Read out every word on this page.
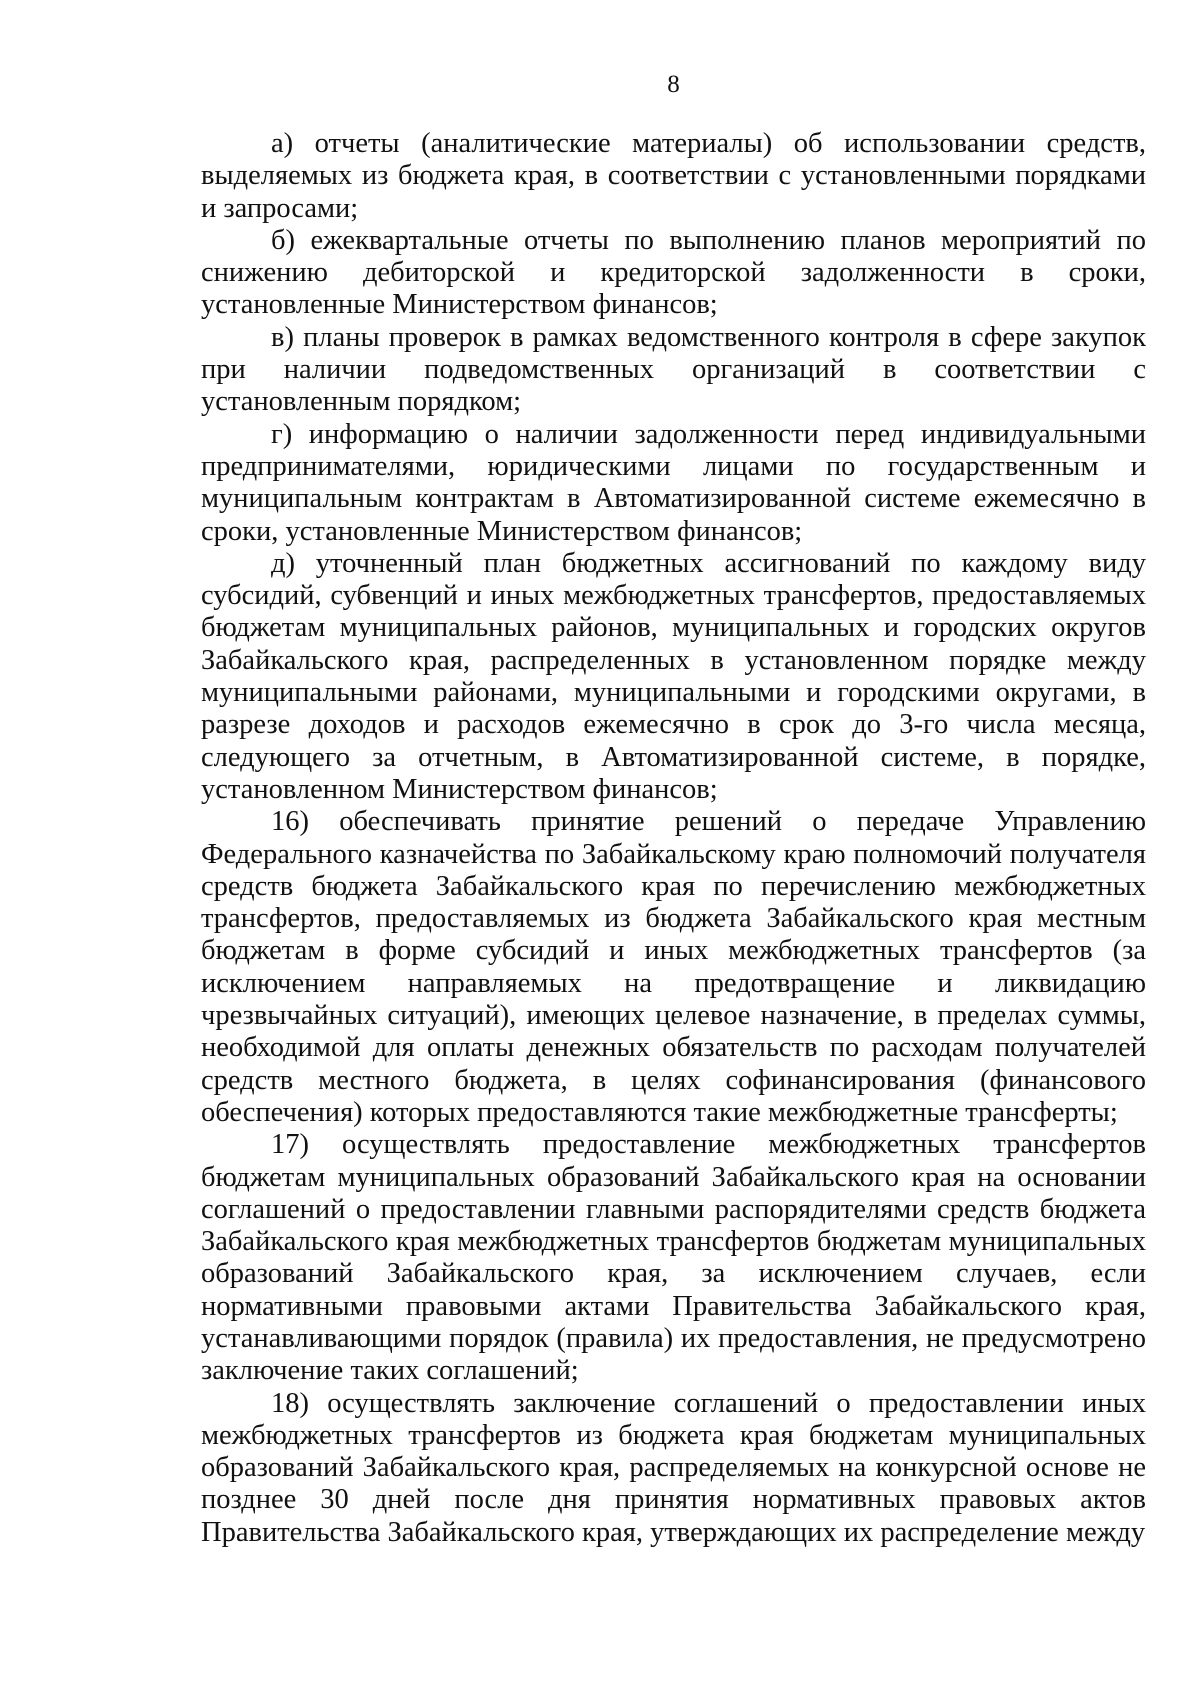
8

а) отчеты (аналитические материалы) об использовании средств, выделяемых из бюджета края, в соответствии с установленными порядками и запросами;

б) ежеквартальные отчеты по выполнению планов мероприятий по снижению дебиторской и кредиторской задолженности в сроки, установленные Министерством финансов;

в) планы проверок в рамках ведомственного контроля в сфере закупок при наличии подведомственных организаций в соответствии с установленным порядком;

г) информацию о наличии задолженности перед индивидуальными предпринимателями, юридическими лицами по государственным и муниципальным контрактам в Автоматизированной системе ежемесячно в сроки, установленные Министерством финансов;

д) уточненный план бюджетных ассигнований по каждому виду субсидий, субвенций и иных межбюджетных трансфертов, предоставляемых бюджетам муниципальных районов, муниципальных и городских округов Забайкальского края, распределенных в установленном порядке между муниципальными районами, муниципальными и городскими округами, в разрезе доходов и расходов ежемесячно в срок до 3-го числа месяца, следующего за отчетным, в Автоматизированной системе, в порядке, установленном Министерством финансов;

16) обеспечивать принятие решений о передаче Управлению Федерального казначейства по Забайкальскому краю полномочий получателя средств бюджета Забайкальского края по перечислению межбюджетных трансфертов, предоставляемых из бюджета Забайкальского края местным бюджетам в форме субсидий и иных межбюджетных трансфертов (за исключением направляемых на предотвращение и ликвидацию чрезвычайных ситуаций), имеющих целевое назначение, в пределах суммы, необходимой для оплаты денежных обязательств по расходам получателей средств местного бюджета, в целях софинансирования (финансового обеспечения) которых предоставляются такие межбюджетные трансферты;

17) осуществлять предоставление межбюджетных трансфертов бюджетам муниципальных образований Забайкальского края на основании соглашений о предоставлении главными распорядителями средств бюджета Забайкальского края межбюджетных трансфертов бюджетам муниципальных образований Забайкальского края, за исключением случаев, если нормативными правовыми актами Правительства Забайкальского края, устанавливающими порядок (правила) их предоставления, не предусмотрено заключение таких соглашений;

18) осуществлять заключение соглашений о предоставлении иных межбюджетных трансфертов из бюджета края бюджетам муниципальных образований Забайкальского края, распределяемых на конкурсной основе не позднее 30 дней после дня принятия нормативных правовых актов Правительства Забайкальского края, утверждающих их распределение между
